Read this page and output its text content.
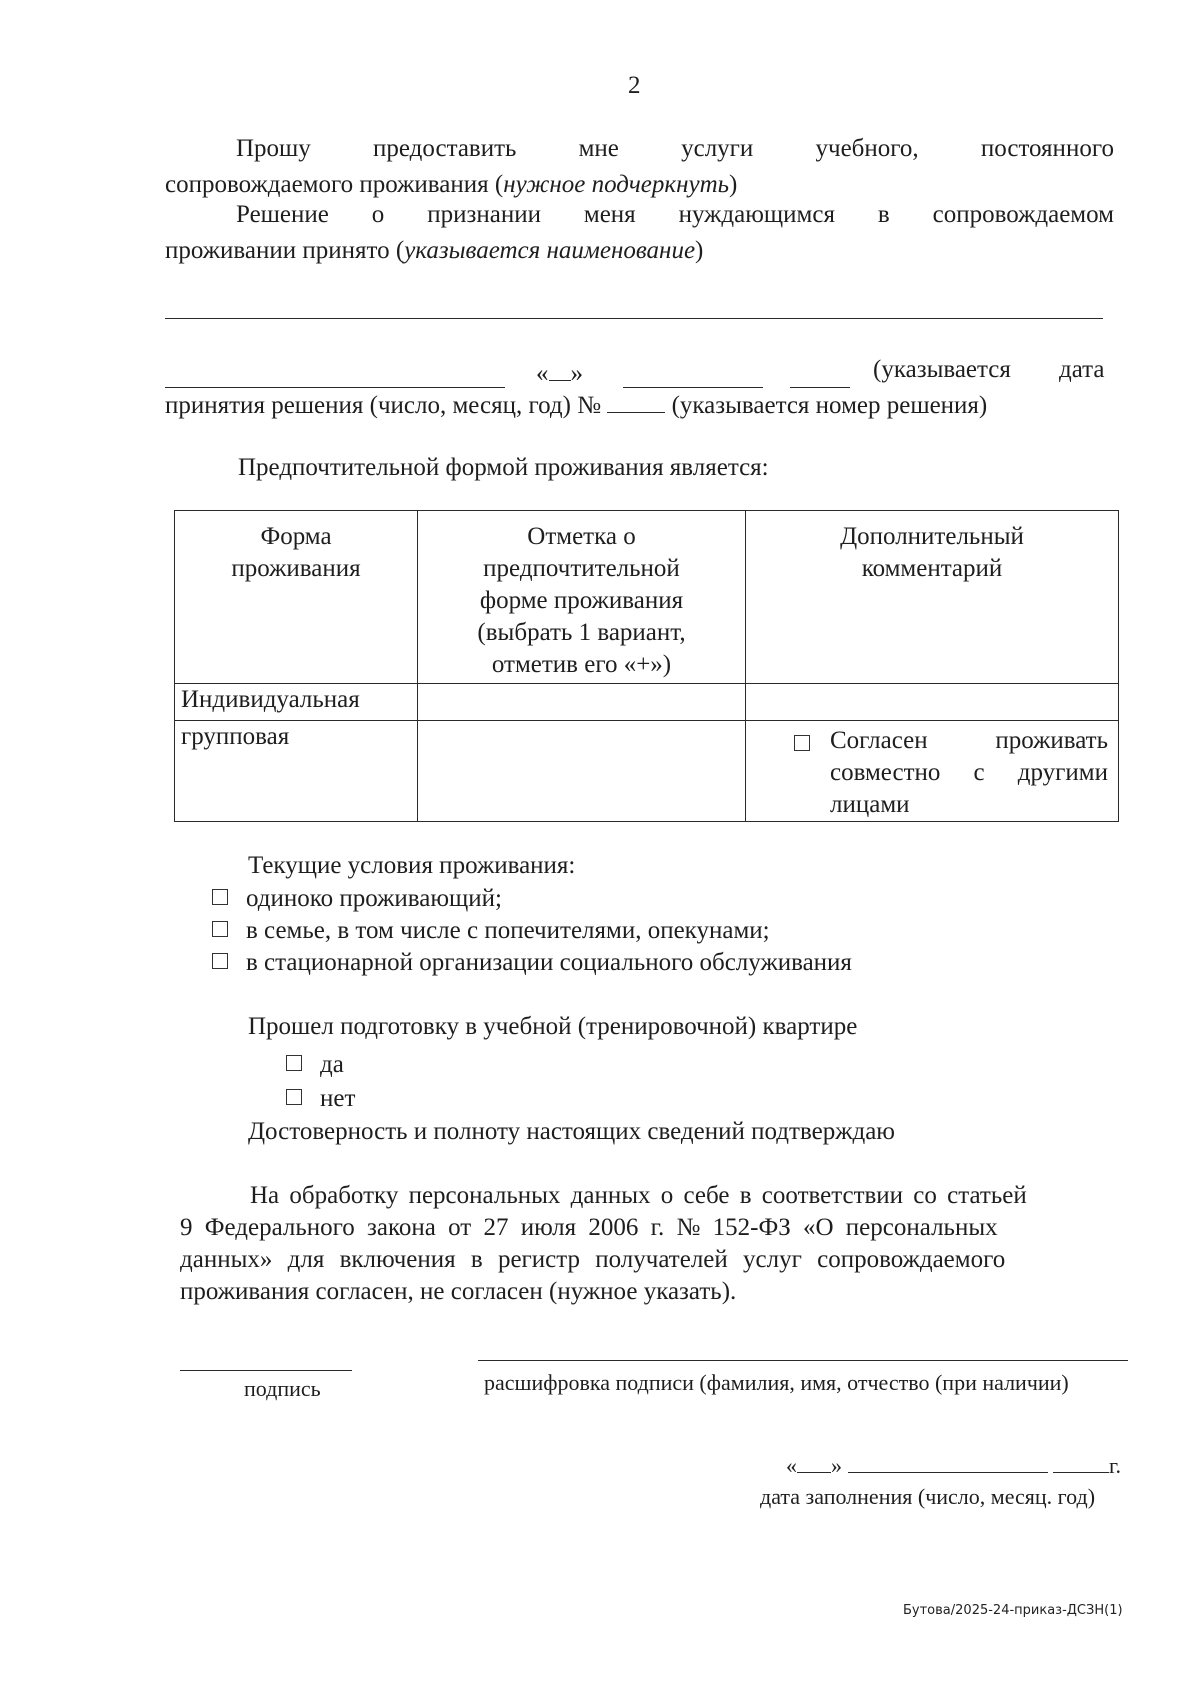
2
Прошу предоставить мне услуги учебного, постоянного
сопровождаемого проживания (нужное подчеркнуть)
Решение о признании меня нуждающимся в сопровождаемом
проживании принято (указывается наименование)
« »	(указывается дата
принятия решения (число, месяц, год) №	(указывается номер решения)
Предпочтительной формой проживания является:
Форма проживания	Отметка о предпочтительной форме проживания (выбрать 1 вариант, отметив его «+»)	Дополнительный комментарий
Индивидуальная		
групповая		Согласен проживать совместно с другими лицами
Текущие условия проживания:
одиноко проживающий;
в семье, в том числе с попечителями, опекунами;
в стационарной организации социального обслуживания
Прошел подготовку в учебной (тренировочной) квартире
да
нет
Достоверность и полноту настоящих сведений подтверждаю
На обработку персональных данных о себе в соответствии со статьей
9 Федерального закона от 27 июля 2006 г. № 152-ФЗ «О персональных
данных» для включения в регистр получателей услуг сопровождаемого
проживания согласен, не согласен (нужное указать).
подпись	расшифровка подписи (фамилия, имя, отчество (при наличии)
« »	г.
дата заполнения (число, месяц. год)
Бутова/2025-24-приказ-ДСЗН(1)
